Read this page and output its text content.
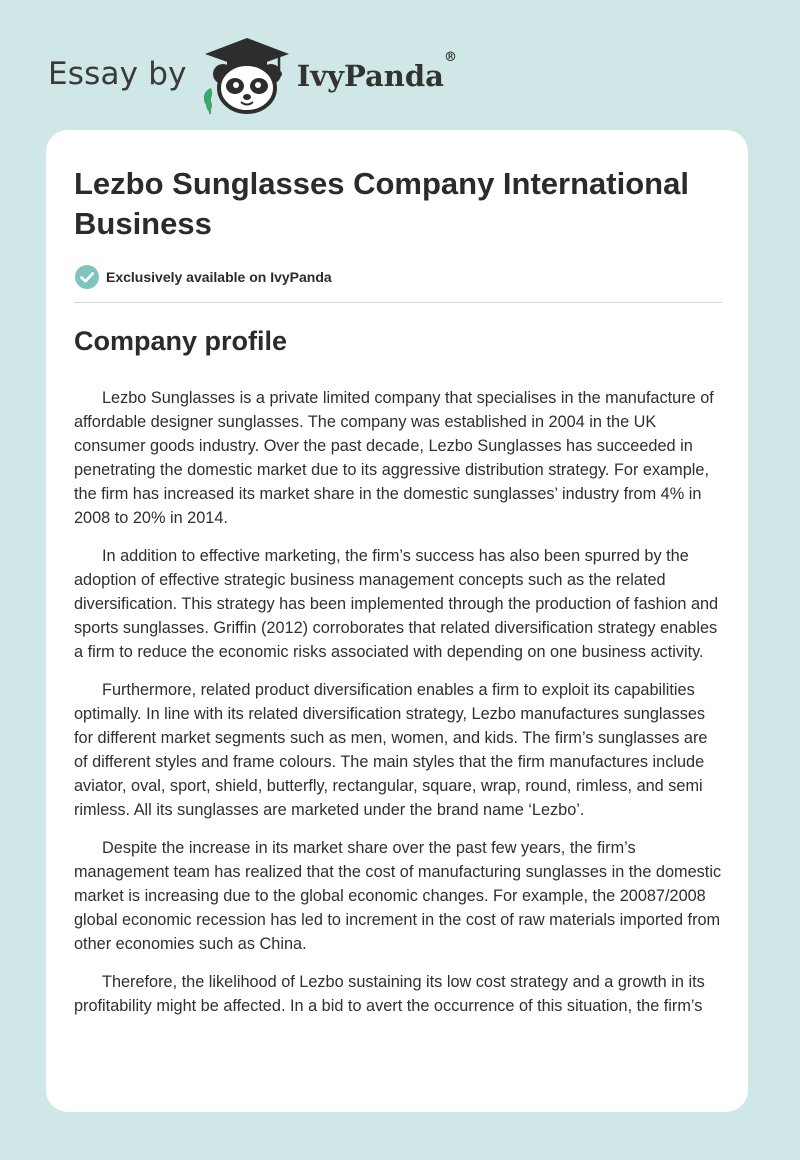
Essay by	IvyPanda®
Lezbo Sunglasses Company International Business
Exclusively available on IvyPanda
Company profile

Lezbo Sunglasses is a private limited company that specialises in the manufacture of affordable designer sunglasses. The company was established in 2004 in the UK consumer goods industry. Over the past decade, Lezbo Sunglasses has succeeded in penetrating the domestic market due to its aggressive distribution strategy. For example, the firm has increased its market share in the domestic sunglasses’ industry from 4% in 2008 to 20% in 2014.

In addition to effective marketing, the firm’s success has also been spurred by the adoption of effective strategic business management concepts such as the related diversification. This strategy has been implemented through the production of fashion and sports sunglasses. Griffin (2012) corroborates that related diversification strategy enables a firm to reduce the economic risks associated with depending on one business activity.

Furthermore, related product diversification enables a firm to exploit its capabilities optimally. In line with its related diversification strategy, Lezbo manufactures sunglasses for different market segments such as men, women, and kids. The firm’s sunglasses are of different styles and frame colours. The main styles that the firm manufactures include aviator, oval, sport, shield, butterfly, rectangular, square, wrap, round, rimless, and semi rimless. All its sunglasses are marketed under the brand name ‘Lezbo’.

Despite the increase in its market share over the past few years, the firm’s management team has realized that the cost of manufacturing sunglasses in the domestic market is increasing due to the global economic changes. For example, the 20087/2008 global economic recession has led to increment in the cost of raw materials imported from other economies such as China.

Therefore, the likelihood of Lezbo sustaining its low cost strategy and a growth in its profitability might be affected. In a bid to avert the occurrence of this situation, the firm’s
